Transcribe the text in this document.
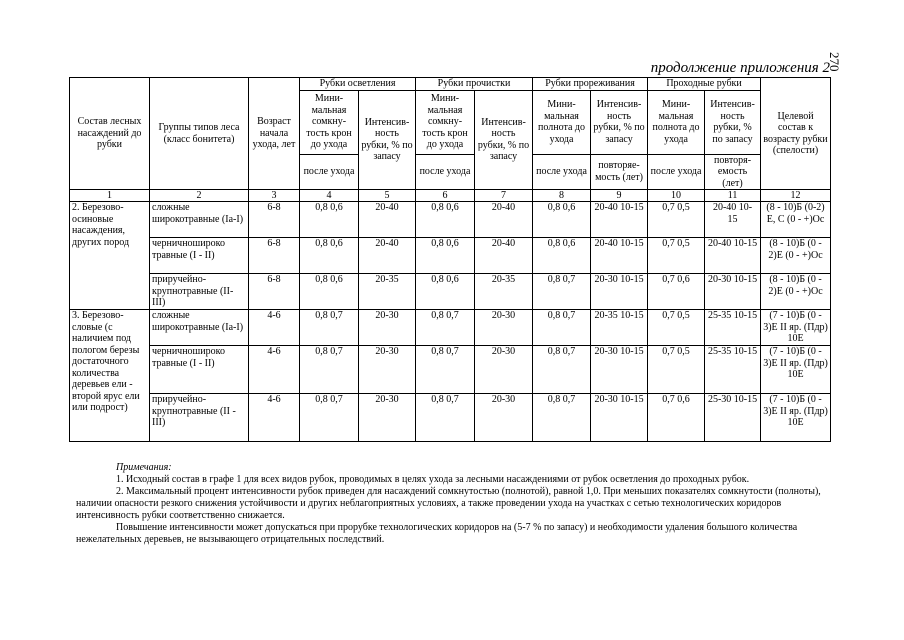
270
продолжение приложения 2
Состав лесных насаждений до рубки	Группы типов леса (класс бонитета)	Возраст начала ухода, лет	Рубки осветления		Рубки прочистки		Рубки прореживания		Проходные рубки		Целевой состав к возрасту рубки (спелости)
			Мини-мальная сомкну-тость крон до ухода	Интенсив-ность рубки, % по запасу	Мини-мальная сомкну-тость крон до ухода	Интенсив-ность рубки, % по запасу	Мини-мальная полнота до ухода	Интенсив-ность рубки, % по запасу	Мини-мальная полнота до ухода	Интенсив-ность рубки, % по запасу	
			после ухода		после ухода		после ухода	повторяе-мость (лет)	после ухода	повторя-емость (лет)	
1	2	3	4	5	6	7	8	9	10	11	12
2. Березово-осиновые насаждения, других пород	сложные широкотравные (Ia-I)	6-8	0,8 0,6	20-40	0,8 0,6	20-40	0,8 0,6	20-40 10-15	0,7 0,5	20-40 10- 15	(8 - 10)Б (0-2) Е, С (0 - +)Ос
	черничношироко травные (I - II)	6-8	0,8 0,6	20-40	0,8 0,6	20-40	0,8 0,6	20-40 10-15	0,7 0,5	20-40 10-15	(8 - 10)Б (0 - 2)Е (0 - +)Ос
	приручейно-крупнотравные (II-III)	6-8	0,8 0,6	20-35	0,8 0,6	20-35	0,8 0,7	20-30 10-15	0,7 0,6	20-30 10-15	(8 - 10)Б (0 - 2)Е (0 - +)Ос
3. Березово-словые (с наличием под пологом березы достаточного количества деревьев ели - второй ярус ели или подрост)	сложные широкотравные (Ia-I)	4-6	0,8 0,7	20-30	0,8 0,7	20-30	0,8 0,7	20-35 10-15	0,7 0,5	25-35 10-15	(7 - 10)Б (0 - 3)Е II яр. (Пдр) 10Е
	черничношироко травные (I - II)	4-6	0,8 0,7	20-30	0,8 0,7	20-30	0,8 0,7	20-30 10-15	0,7 0,5	25-35 10-15	(7 - 10)Б (0 - 3)Е II яр. (Пдр) 10Е
	приручейно-крупнотравные (II - III)	4-6	0,8 0,7	20-30	0,8 0,7	20-30	0,8 0,7	20-30 10-15	0,7 0,6	25-30 10-15	(7 - 10)Б (0 - 3)Е II яр. (Пдр) 10Е

Примечания:

1. Исходный состав в графе 1 для всех видов рубок, проводимых в целях ухода за лесными насаждениями от рубок осветления до проходных рубок.

2. Максимальный процент интенсивности рубок приведен для насаждений сомкнутостью (полнотой), равной 1,0. При меньших показателях сомкнутости (полноты), наличии опасности резкого снижения устойчивости и других неблагоприятных условиях, а также проведении ухода на участках с сетью технологических коридоров интенсивность рубки соответственно снижается.

Повышение интенсивности может допускаться при прорубке технологических коридоров на (5-7 % по запасу) и необходимости удаления большого количества нежелательных деревьев, не вызывающего отрицательных последствий.
